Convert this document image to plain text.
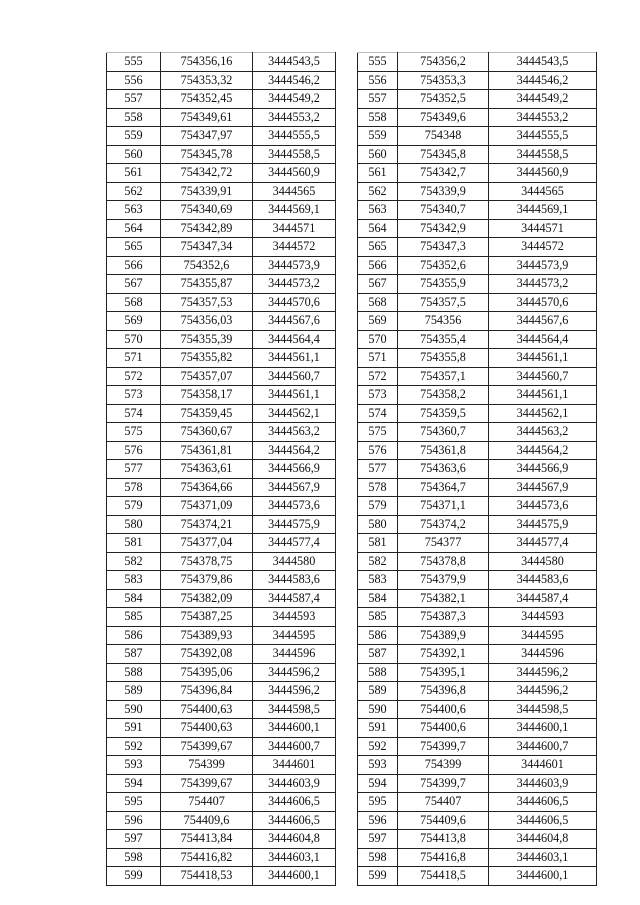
555	754356,16	3444543,5
556	754353,32	3444546,2
557	754352,45	3444549,2
558	754349,61	3444553,2
559	754347,97	3444555,5
560	754345,78	3444558,5
561	754342,72	3444560,9
562	754339,91	3444565
563	754340,69	3444569,1
564	754342,89	3444571
565	754347,34	3444572
566	754352,6	3444573,9
567	754355,87	3444573,2
568	754357,53	3444570,6
569	754356,03	3444567,6
570	754355,39	3444564,4
571	754355,82	3444561,1
572	754357,07	3444560,7
573	754358,17	3444561,1
574	754359,45	3444562,1
575	754360,67	3444563,2
576	754361,81	3444564,2
577	754363,61	3444566,9
578	754364,66	3444567,9
579	754371,09	3444573,6
580	754374,21	3444575,9
581	754377,04	3444577,4
582	754378,75	3444580
583	754379,86	3444583,6
584	754382,09	3444587,4
585	754387,25	3444593
586	754389,93	3444595
587	754392,08	3444596
588	754395,06	3444596,2
589	754396,84	3444596,2
590	754400,63	3444598,5
591	754400,63	3444600,1
592	754399,67	3444600,7
593	754399	3444601
594	754399,67	3444603,9
595	754407	3444606,5
596	754409,6	3444606,5
597	754413,84	3444604,8
598	754416,82	3444603,1
599	754418,53	3444600,1
555	754356,2	3444543,5
556	754353,3	3444546,2
557	754352,5	3444549,2
558	754349,6	3444553,2
559	754348	3444555,5
560	754345,8	3444558,5
561	754342,7	3444560,9
562	754339,9	3444565
563	754340,7	3444569,1
564	754342,9	3444571
565	754347,3	3444572
566	754352,6	3444573,9
567	754355,9	3444573,2
568	754357,5	3444570,6
569	754356	3444567,6
570	754355,4	3444564,4
571	754355,8	3444561,1
572	754357,1	3444560,7
573	754358,2	3444561,1
574	754359,5	3444562,1
575	754360,7	3444563,2
576	754361,8	3444564,2
577	754363,6	3444566,9
578	754364,7	3444567,9
579	754371,1	3444573,6
580	754374,2	3444575,9
581	754377	3444577,4
582	754378,8	3444580
583	754379,9	3444583,6
584	754382,1	3444587,4
585	754387,3	3444593
586	754389,9	3444595
587	754392,1	3444596
588	754395,1	3444596,2
589	754396,8	3444596,2
590	754400,6	3444598,5
591	754400,6	3444600,1
592	754399,7	3444600,7
593	754399	3444601
594	754399,7	3444603,9
595	754407	3444606,5
596	754409,6	3444606,5
597	754413,8	3444604,8
598	754416,8	3444603,1
599	754418,5	3444600,1
